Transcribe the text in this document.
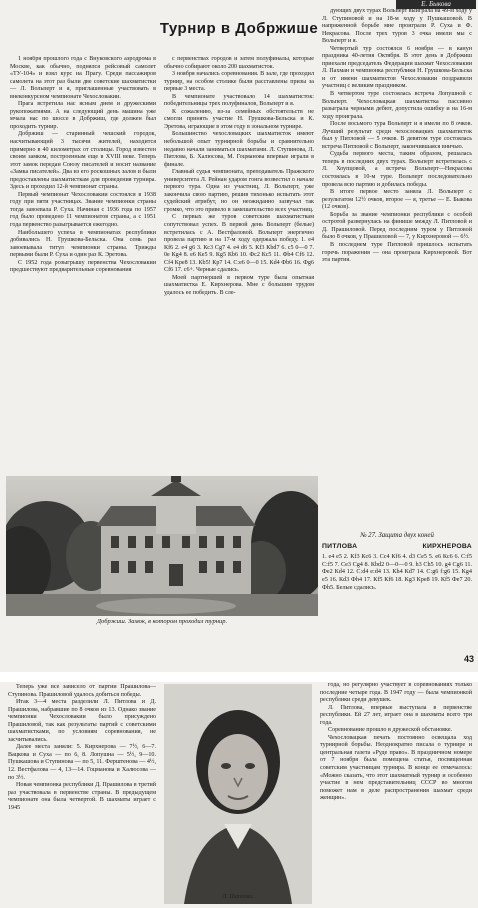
Е. Быкова
Турнир в Добржише

1 ноября прошлого года с Внуковского аэродрома в Москве, как обычно, поднялся рейсовый самолет «ТУ-104» и взял курс на Прагу. Среди пассажиров самолета на этот раз были две советские шахматистки — Л. Вольперт и я, приглашенные участвовать в внеконкурсном чемпионате Чехословакии.

Прага встретила нас ясным днем и дружескими рукопожатиями. А на следующий день машина уже мчала нас по шоссе в Добржиш, где должен был проходить турнир.

Добржиш — старинный чешский городок, насчитывающий 3 тысячи жителей, находится примерно в 40 километрах от столицы. Город известен своим замком, построенным еще в XVIII веке. Теперь этот замок передан Союзу писателей и носит название «Замка писателей». Два из его роскошных залов и были предоставлены шахматисткам для проведения турнира. Здесь и проходил 12-й чемпионат страны.

Первый чемпионат Чехословакии состоялся в 1938 году при пяти участницах. Звание чемпионки страны тогда завоевала Р. Суха. Начиная с 1936 года по 1957 год было проведено 11 чемпионатов страны, а с 1951 года первенство разыгрывается ежегодно.

Наибольшего успеха в чемпионатах республики добивались Н. Грушкова-Бельска. Она семь раз завоевывала титул чемпионки страны. Трижды первыми были Р. Суха и один раз К. Эретова.

С 1952 года розыгрышу первенства Чехословакии предшествуют предварительные соревнования

с первенствах городов и затем полуфиналы, которые обычно собирают около 200 шахматисток.

3 ноября начались соревнования. В зале, где проходил турнир, на особом столике были расставлены призы за первые 3 места.

В чемпионате участвовало 14 шахматисток: победительницы трех полуфиналов, Вольперт и я.

К сожалению, из-за семейных обстоятельств не смогли принять участие Н. Грушкова-Бельска и К. Эретова, играющие в этом году в зональном турнире.

Большинство чехословацких шахматисток имеют небольшой опыт турнирной борьбы и сравнительно недавно начали заниматься шахматами. Л. Ступинова, Л. Питлова, Б. Халюсова, М. Гоцманова впервые играли в финале.

Главный судья чемпионата, преподаватель Пражского университета Л. Рейнан ударом гонга возвестил о начале первого тура. Одна из участниц, Л. Вольперт, уже закончила свою партию, решив тихонько испытать этот судейский атрибут, но он неожиданно зазвучал так громко, что это привело в замешательство всех участниц.

С первых же туров советским шахматисткам сопутствовал успех. В первой день Вольперт (белые) встретилась с А. Вестфаловой. Вольперт энергично провела партию и на 17-м ходу одержала победу. 1. е4 Кf6 2. е4 g6 3. Кс3 Сg7 4. е4 d6 5. Кf3 Кbd7 6. с5 0—0 7. 0е Кg4 8. е6 Кe5 9. Кg5 Кb6 10. Фс2 Кс5 11. Фb4 Сf6 12. Сf4 Кре8 13. Кb5! Кр7 14. С:е6 0—0 15. Кd4 Фb6 16. Фg6 Сf6 17. с6+. Черные сдались.

Моей партнершей в первом туре была опытная шахматистка Е. Кирхнерова. Мне с большим трудом удалось ее победить. В сле-

дующих двух турах Вольперт выиграла на 49-м ходу у Л. Ступиновой и на 18-м ходу у Пушкашовой. В напряженной борьбе мне проиграли Р. Суха и Ф. Некрасова. После трех туров 3 очка имели мы с Вольперт и я.

Четвертый тур состоялся 6 ноября — в канун праздника 40-летия Октября. В этот день в Добржиш приехали председатель Федерации шахмат Чехословакии Л. Пахман и чемпионка республики Н. Грушкова-Бельска и от имени шахматистов Чехословакии поздравили участниц с великим праздником.

В четвертом туре состоялась встреча Лопушной с Вольперт. Чехословацкая шахматистка пассивно разыграла черными дебют, допустила ошибку и на 16-м ходу проиграла.

После восьмого тура Вольперт и я имели по 8 очков. Лучший результат среди чехословацких шахматисток был у Питловой — 5 очков. В девятом туре состоялась встреча Питловой с Вольперт, закончившаяся вничью.

Судьба первого места, таким образом, решалась теперь в последних двух турах. Вольперт встретилась с Л. Хоупцовой, а встреча Вольперт—Некрасова состоялась в 10-м туре. Вольперт последовательно провела всю партию и добилась победы.

В итоге первое место заняла Л. Вольперт с результатом 12½ очков, второе — я, третье — Е. Быкова (12 очков).

Борьба за звание чемпионки республики с особой остротой развернулась на финише между Л. Питловой и Д. Прашиловой. Перед последним туром у Питловой было 8 очков, у Прашиловой — 7, у Кирхнеровой — 6½.

В последнем туре Питловой пришлось испытать горечь поражения — она проиграла Кирхнеровой. Вот эта партия.

Добржиш. Замок, в котором проходил турнир.
№ 27. Защита двух коней
ПИТЛОВА	КИРХНЕРОВА
1. е4 е5 2. Кf3 Кc6 3. Сc4 Кf6 4. d3 Сe5 5. е6 Кс6 6. С:f5 С:f5 7. Сe3 Сg4 8. Кbd2 0—0—0 9. h3 Сh5 10. g4 Сg6 11. Фe2 Кd4 12. С:d4 е:d4 13. Кh4 Кd7 14. С:g6 f:g6 15. Кg4 е5 16. Кd3 Фh4 17. Кf5 Кf6 18. Кg3 Кре8 19. Кf5 Фе7 20. Фh5. Белые сдались.
43

Теперь уже все зависело от партии Прашилова—Ступинова. Прашиловой удалось добиться победы.

Итак 3—4 места разделили Л. Питлова и Д. Прашилова, набравшие по 8 очков из 13. Однако звание чемпионки Чехословакии было присуждено Прашиловой, так как результаты партий с советскими шахматистками, по условиям соревнования, не засчитывались.

Далее места заняли: 5. Кирхнерова — 7½, 6—7. Вацкова и Суха — по 6, 8. Лопушна — 5½, 9—10. Пушкашова и Ступинова — по 5, 11. Ферштенова — 4½, 12. Вестфалова — 4, 13—14. Гоцманова и Халюсова — по 3½.

Новая чемпионка республики Д. Прашилова в третий раз участвовала в первенстве страны. В предыдущем чемпионате она была четвертой. В шахматы играет с 1945

Л. Питлова.

года, но регулярно участвует в соревнованиях только последние четыре года. В 1947 году — была чемпионкой республики среди девушек.

Л. Питлова, впервые выступала в первенстве республики. Ей 27 лет, играет она в шахматы всего три года.

Соревнование прошло в дружеской обстановке.

Чехословацкая печать постоянно освещала ход турнирной борьбы. Неоднократно писала о турнире и центральная газета «Руде право». В праздничном номере от 7 ноября была помещена статья, посвященная советским участницам турнира. В конце ее отмечалось: «Можно сказать, что этот шахматный турнир и особенно участие в нем представительниц СССР во многом поможет нам в деле распространения шахмат среди женщин».
